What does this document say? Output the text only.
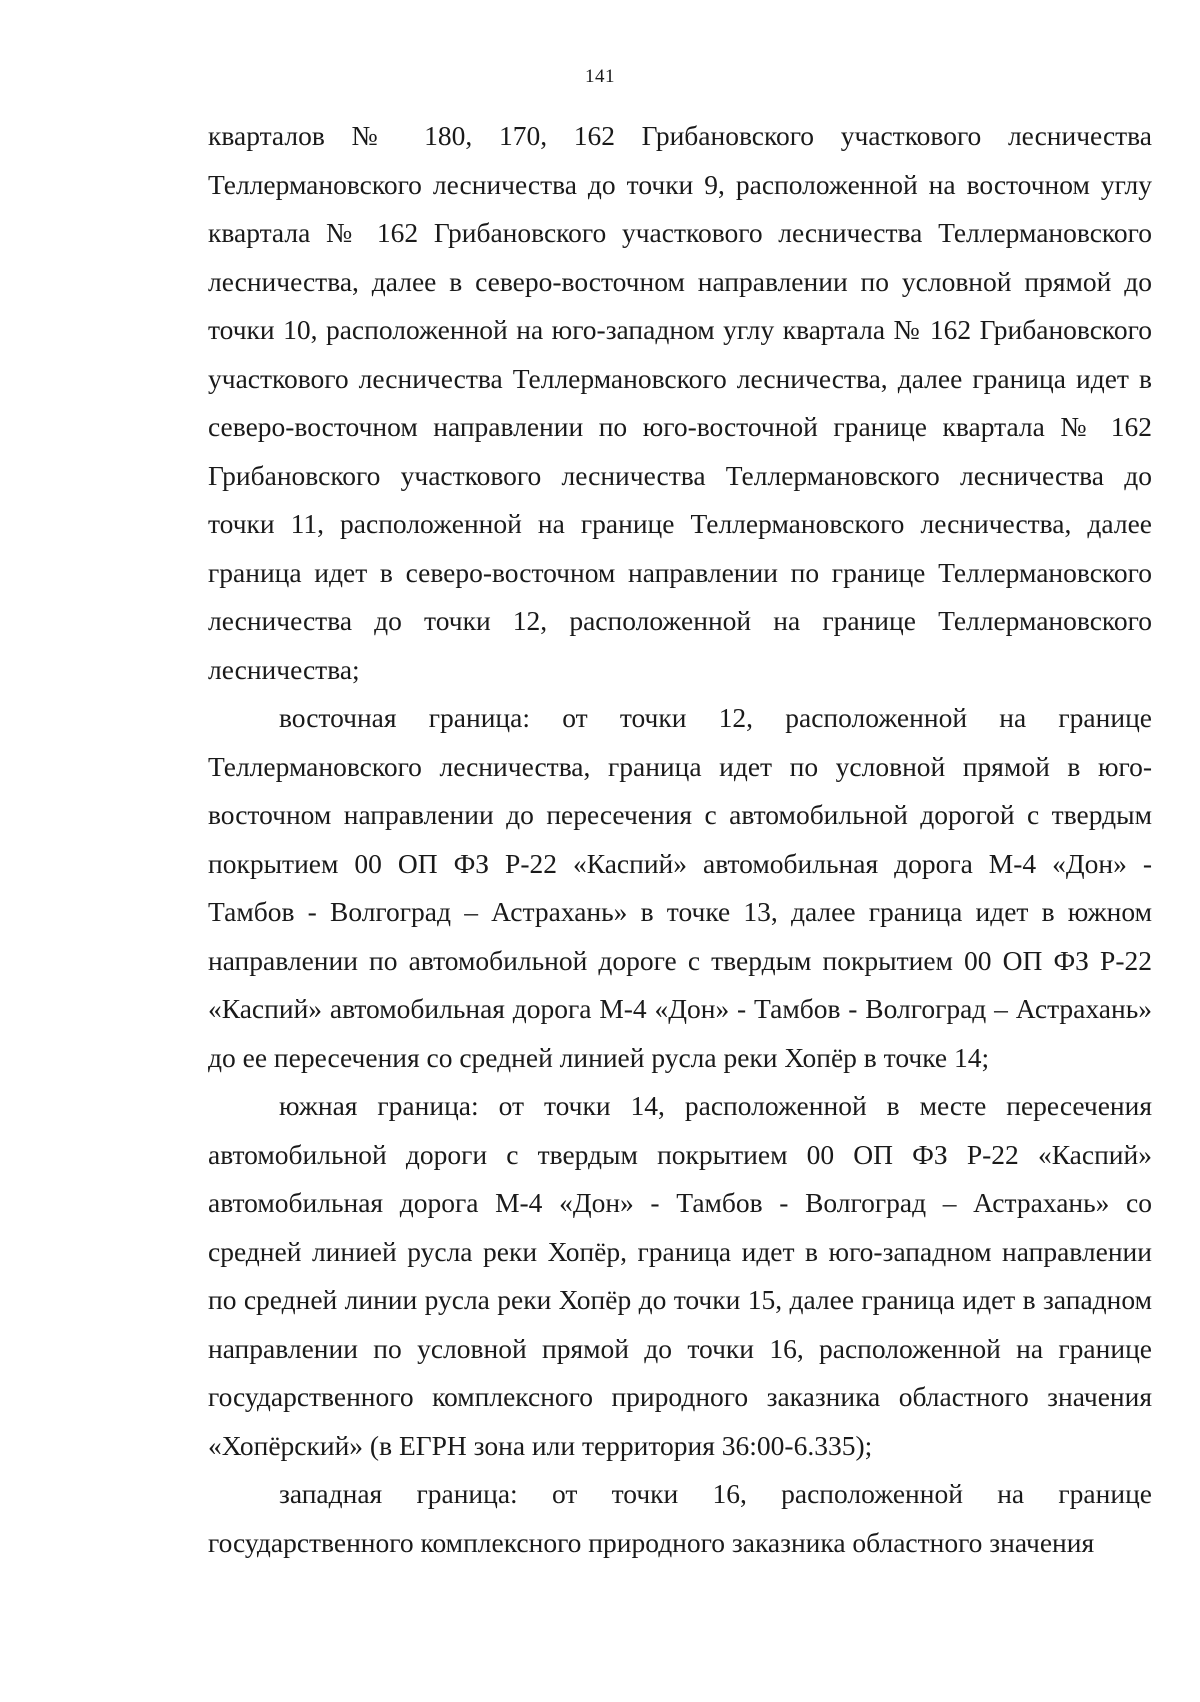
141

кварталов № 180, 170, 162 Грибановского участкового лесничества Теллермановского лесничества до точки 9, расположенной на восточном углу квартала № 162 Грибановского участкового лесничества Теллермановского лесничества, далее в северо-восточном направлении по условной прямой до точки 10, расположенной на юго-западном углу квартала № 162 Грибановского участкового лесничества Теллермановского лесничества, далее граница идет в северо-восточном направлении по юго-восточной границе квартала № 162 Грибановского участкового лесничества Теллермановского лесничества до точки 11, расположенной на границе Теллермановского лесничества, далее граница идет в северо-восточном направлении по границе Теллермановского лесничества до точки 12, расположенной на границе Теллермановского лесничества;

восточная граница: от точки 12, расположенной на границе Теллермановского лесничества, граница идет по условной прямой в юго-восточном направлении до пересечения с автомобильной дорогой с твердым покрытием 00 ОП ФЗ Р-22 «Каспий» автомобильная дорога М-4 «Дон» - Тамбов - Волгоград – Астрахань» в точке 13, далее граница идет в южном направлении по автомобильной дороге с твердым покрытием 00 ОП ФЗ Р-22 «Каспий» автомобильная дорога М-4 «Дон» - Тамбов - Волгоград – Астрахань» до ее пересечения со средней линией русла реки Хопёр в точке 14;

южная граница: от точки 14, расположенной в месте пересечения автомобильной дороги с твердым покрытием 00 ОП ФЗ Р-22 «Каспий» автомобильная дорога М-4 «Дон» - Тамбов - Волгоград – Астрахань» со средней линией русла реки Хопёр, граница идет в юго-западном направлении по средней линии русла реки Хопёр до точки 15, далее граница идет в западном направлении по условной прямой до точки 16, расположенной на границе государственного комплексного природного заказника областного значения «Хопёрский» (в ЕГРН зона или территория 36:00-6.335);

западная граница: от точки 16, расположенной на границе государственного комплексного природного заказника областного значения
